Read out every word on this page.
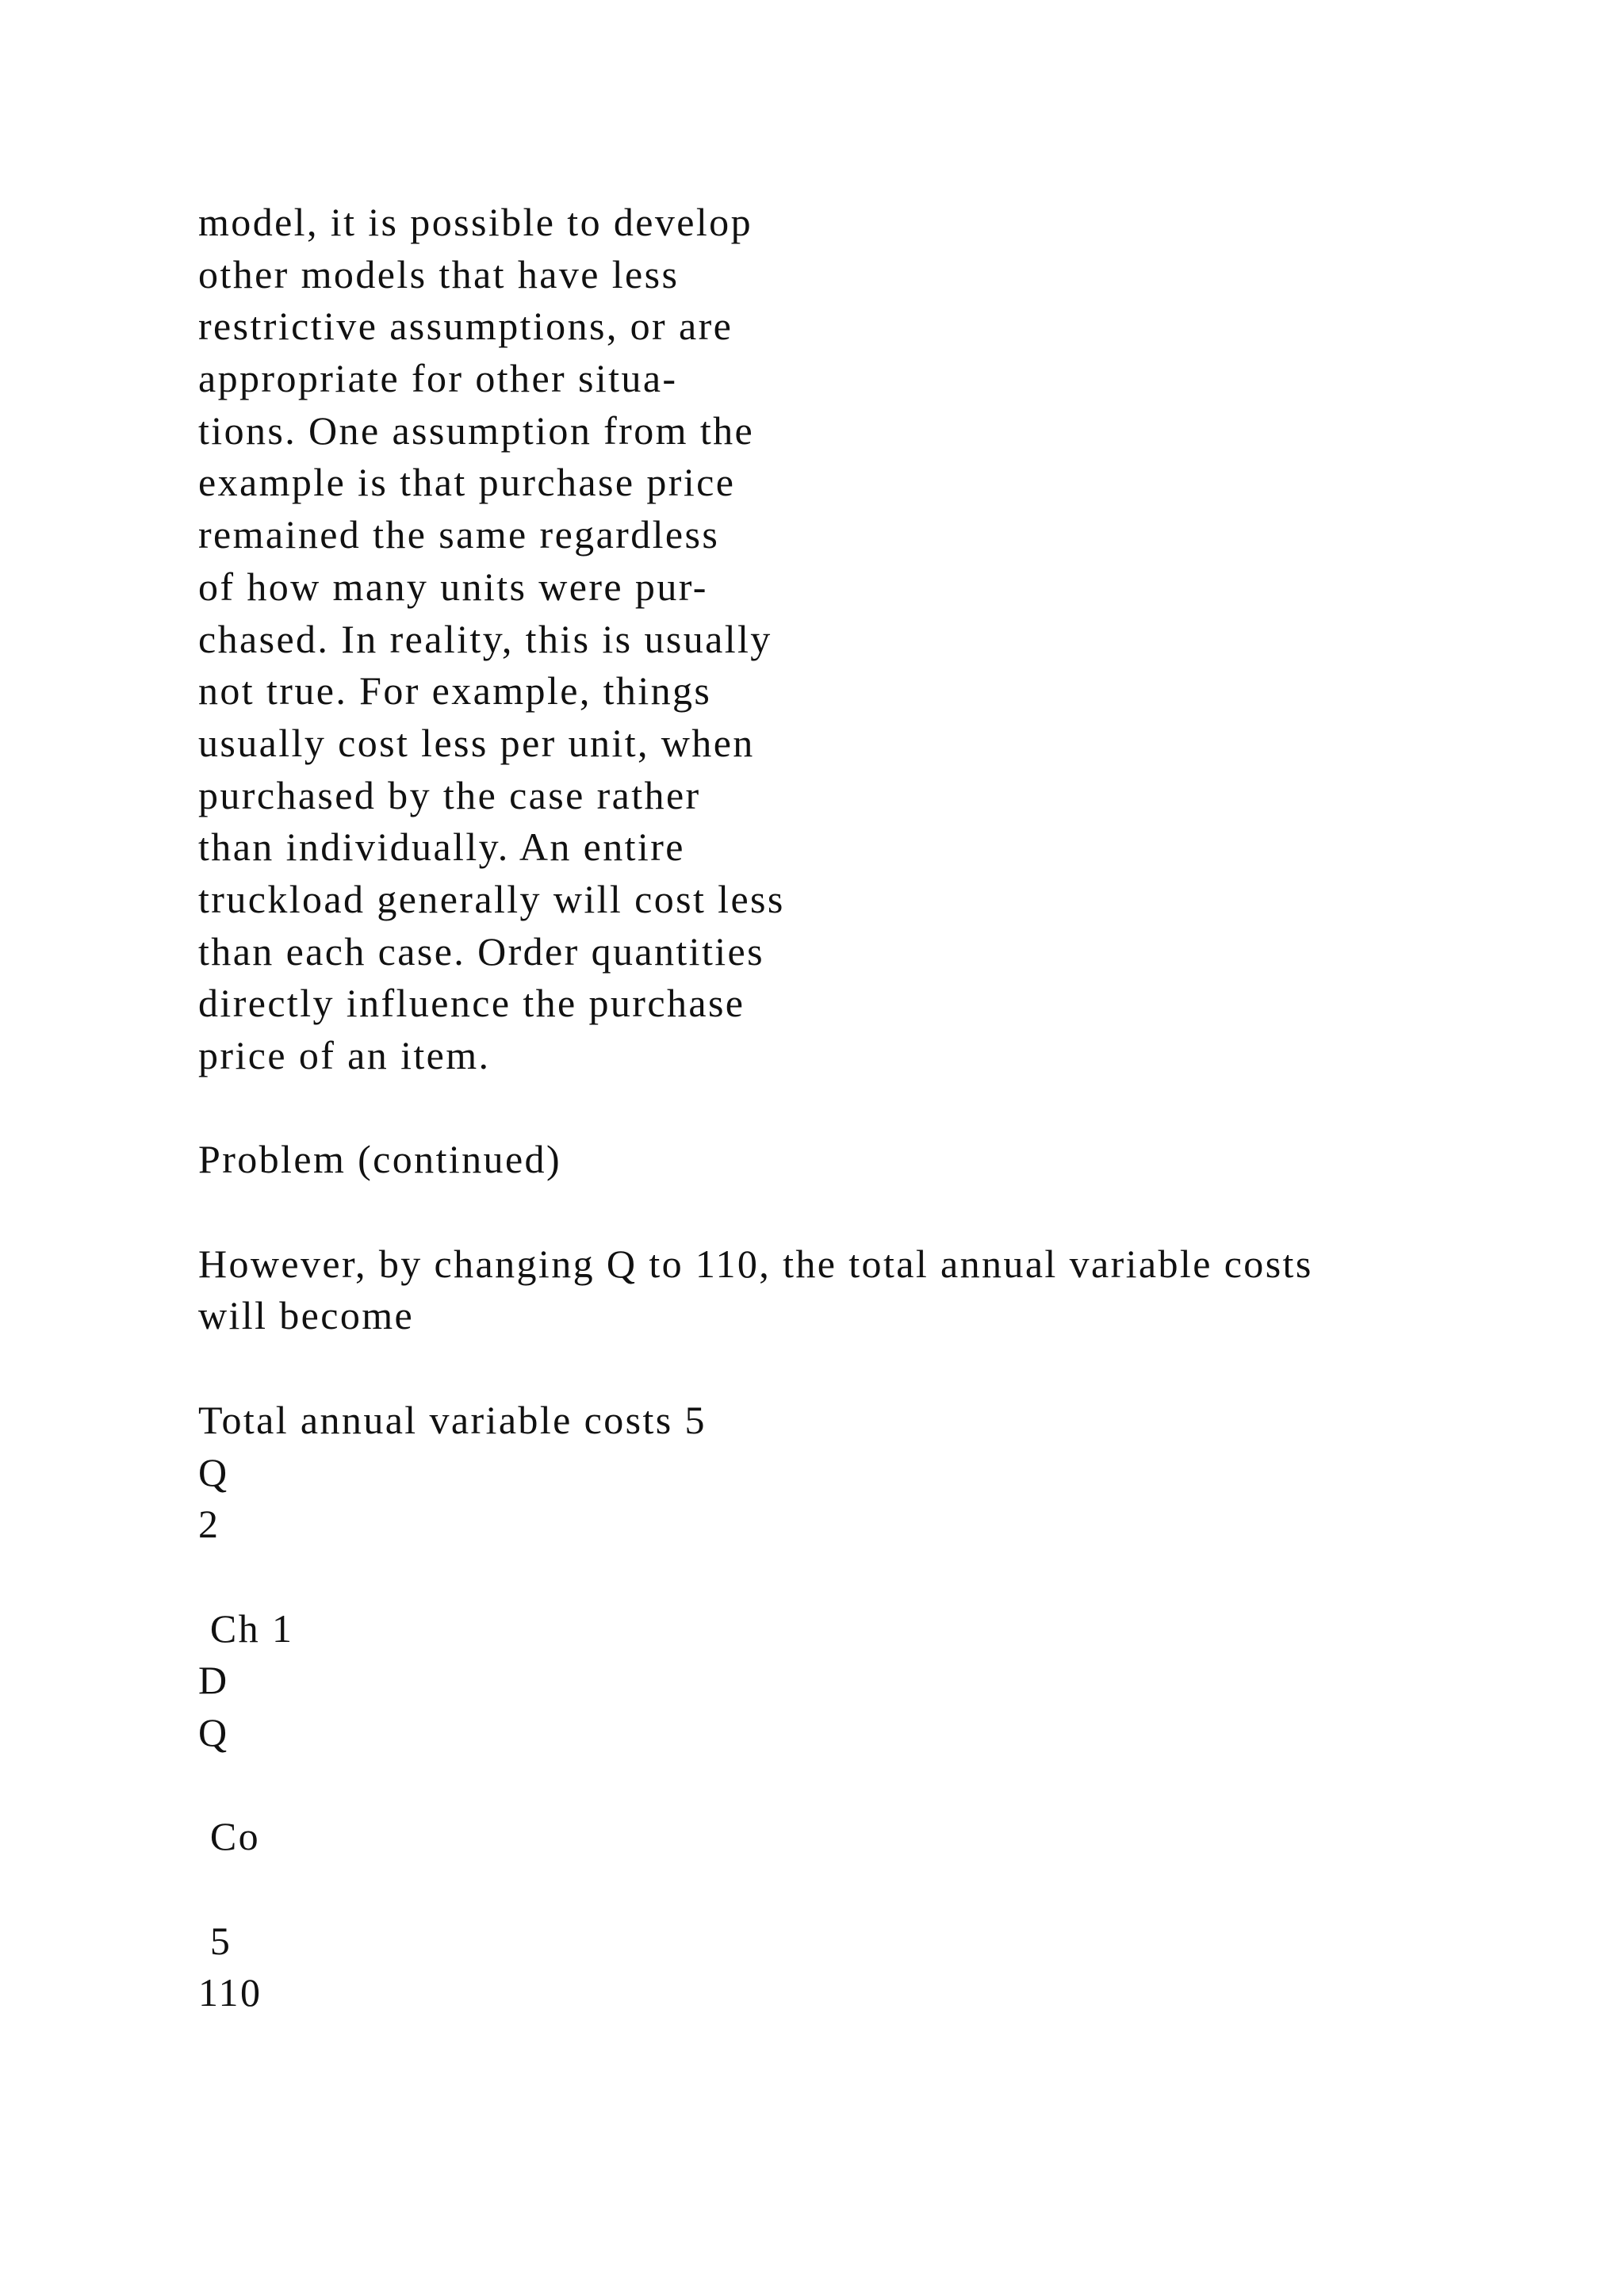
model, it is possible to develop
other models that have less
restrictive assumptions, or are
appropriate for other situa-
tions. One assumption from the
example is that purchase price
remained the same regardless
of how many units were pur-
chased. In reality, this is usually
not true. For example, things
usually cost less per unit, when
purchased by the case rather
than individually. An entire
truckload generally will cost less
than each case. Order quantities
directly influence the purchase
price of an item.
Problem (continued)
However, by changing Q to 110, the total annual variable costs
will become
Total annual variable costs 5
Q
2
Ch 1
D
Q
Co
5
110
